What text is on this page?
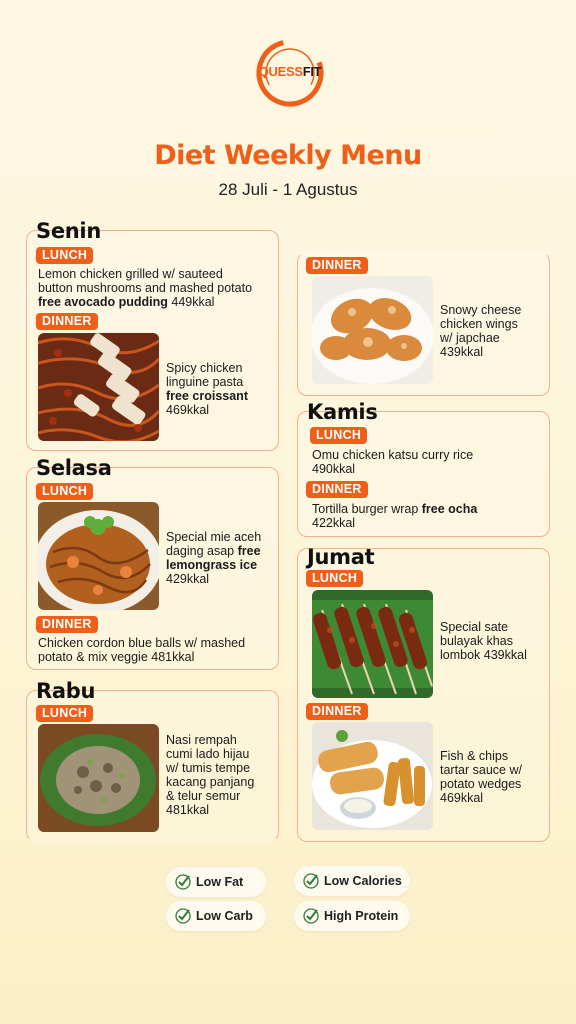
QUESSFIT
Diet Weekly Menu
28 Juli - 1 Agustus
Senin
LUNCH
Lemon chicken grilled w/ sauteed
button mushrooms and mashed potato
free avocado pudding 449kkal
DINNER
Spicy chicken
linguine pasta
free croissant
469kkal
Selasa
LUNCH
Special mie aceh
daging asap free
lemongrass ice
429kkal
DINNER
Chicken cordon blue balls w/ mashed
potato & mix veggie 481kkal
Rabu
LUNCH
Nasi rempah
cumi lado hijau
w/ tumis tempe
kacang panjang
& telur semur
481kkal
DINNER
Snowy cheese
chicken wings
w/ japchae
439kkal
Kamis
LUNCH
Omu chicken katsu curry rice
490kkal
DINNER
Tortilla burger wrap free ocha
422kkal
Jumat
LUNCH
Special sate
bulayak khas
lombok 439kkal
DINNER
Fish & chips
tartar sauce w/
potato wedges
469kkal
Low Fat	Low Calories
Low Carb	High Protein
